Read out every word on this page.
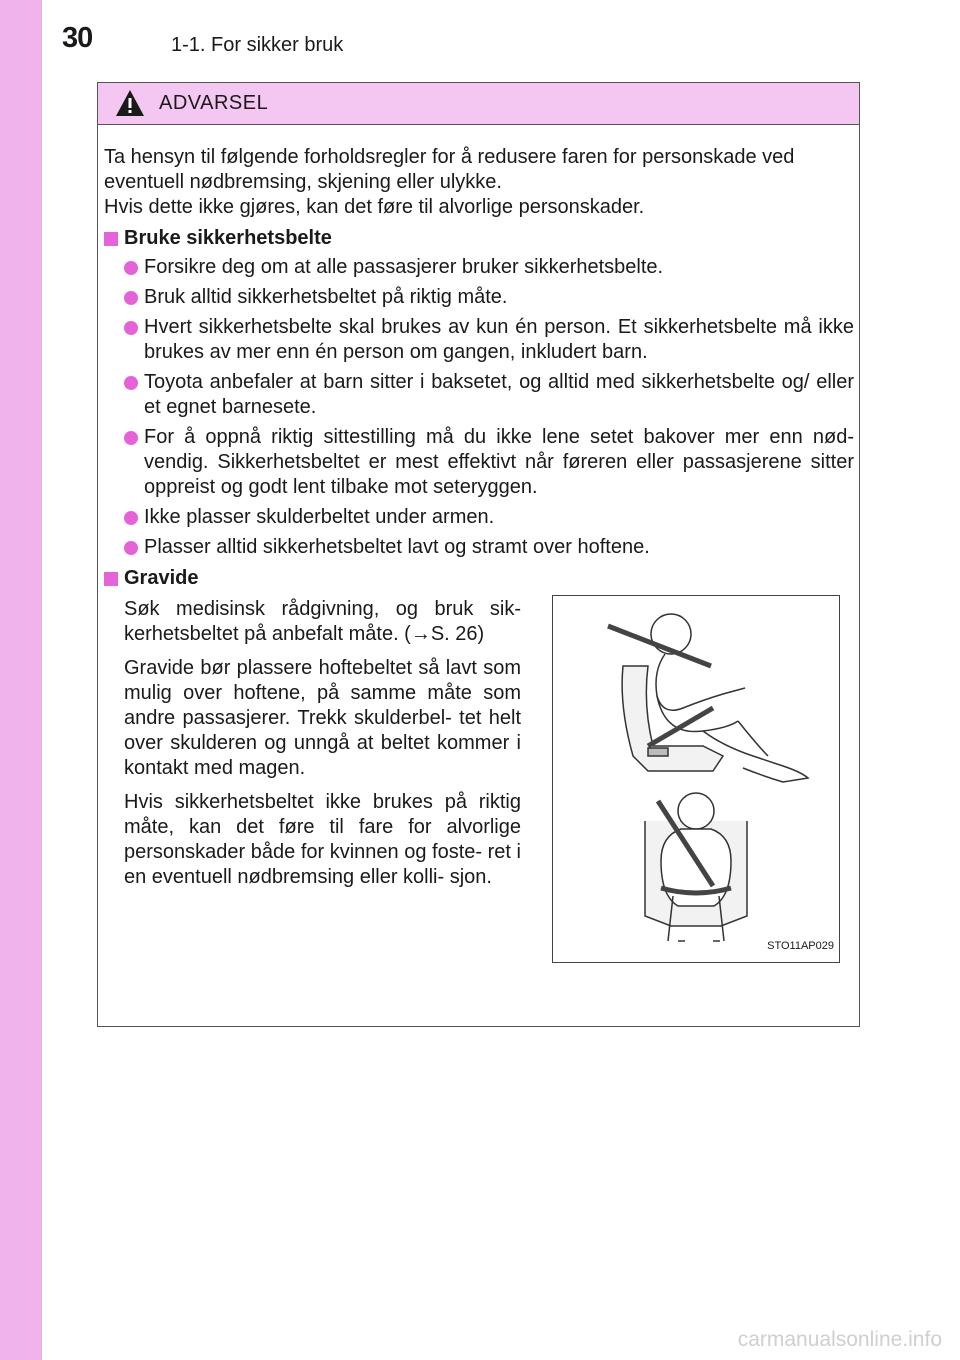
30	1-1. For sikker bruk
ADVARSEL

Ta hensyn til følgende forholdsregler for å redusere faren for personskade ved eventuell nødbremsing, skjening eller ulykke.

Hvis dette ikke gjøres, kan det føre til alvorlige personskader.

Bruke sikkerhetsbelte
Forsikre deg om at alle passasjerer bruker sikkerhetsbelte.
Bruk alltid sikkerhetsbeltet på riktig måte.
Hvert sikkerhetsbelte skal brukes av kun én person. Et sikkerhetsbelte må ikke brukes av mer enn én person om gangen, inkludert barn.
Toyota anbefaler at barn sitter i baksetet, og alltid med sikkerhetsbelte og/ eller et egnet barnesete.
For å oppnå riktig sittestilling må du ikke lene setet bakover mer enn nød- vendig. Sikkerhetsbeltet er mest effektivt når føreren eller passasjerene sitter oppreist og godt lent tilbake mot seteryggen.
Ikke plasser skulderbeltet under armen.
Plasser alltid sikkerhetsbeltet lavt og stramt over hoftene.
Gravide

Søk medisinsk rådgivning, og bruk sik- kerhetsbeltet på anbefalt måte. (→S. 26)

Gravide bør plassere hoftebeltet så lavt som mulig over hoftene, på samme måte som andre passasjerer. Trekk skulderbel- tet helt over skulderen og unngå at beltet kommer i kontakt med magen.

Hvis sikkerhetsbeltet ikke brukes på riktig måte, kan det føre til fare for alvorlige personskader både for kvinnen og foste- ret i en eventuell nødbremsing eller kolli- sjon.

STO11AP029
carmanualsonline.info
